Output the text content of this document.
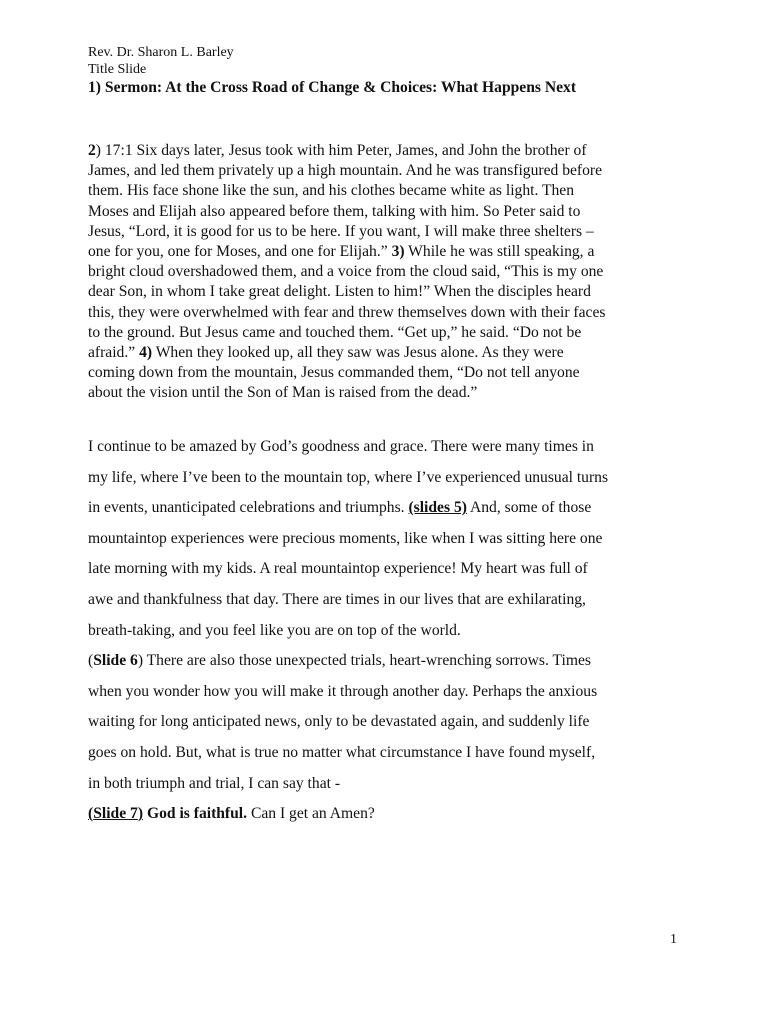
Rev. Dr. Sharon L. Barley

Title Slide

1) Sermon: At the Cross Road of Change & Choices: What Happens Next

2) 17:1 Six days later, Jesus took with him Peter, James, and John the brother of
James, and led them privately up a high mountain. And he was transfigured before
them. His face shone like the sun, and his clothes became white as light. Then
Moses and Elijah also appeared before them, talking with him. So Peter said to
Jesus, “Lord, it is good for us to be here. If you want, I will make three shelters –
one for you, one for Moses, and one for Elijah.” 3) While he was still speaking, a
bright cloud overshadowed them, and a voice from the cloud said, “This is my one
dear Son, in whom I take great delight. Listen to him!” When the disciples heard
this, they were overwhelmed with fear and threw themselves down with their faces
to the ground. But Jesus came and touched them. “Get up,” he said. “Do not be
afraid.” 4) When they looked up, all they saw was Jesus alone. As they were
coming down from the mountain, Jesus commanded them, “Do not tell anyone
about the vision until the Son of Man is raised from the dead.”
I continue to be amazed by God’s goodness and grace. There were many times in
my life, where I’ve been to the mountain top, where I’ve experienced unusual turns
in events, unanticipated celebrations and triumphs. (slides 5) And, some of those
mountaintop experiences were precious moments, like when I was sitting here one
late morning with my kids. A real mountaintop experience! My heart was full of
awe and thankfulness that day. There are times in our lives that are exhilarating,
breath-taking, and you feel like you are on top of the world.
(Slide 6) There are also those unexpected trials, heart-wrenching sorrows. Times
when you wonder how you will make it through another day. Perhaps the anxious
waiting for long anticipated news, only to be devastated again, and suddenly life
goes on hold. But, what is true no matter what circumstance I have found myself,
in both triumph and trial, I can say that -
(Slide 7) God is faithful. Can I get an Amen?
1
